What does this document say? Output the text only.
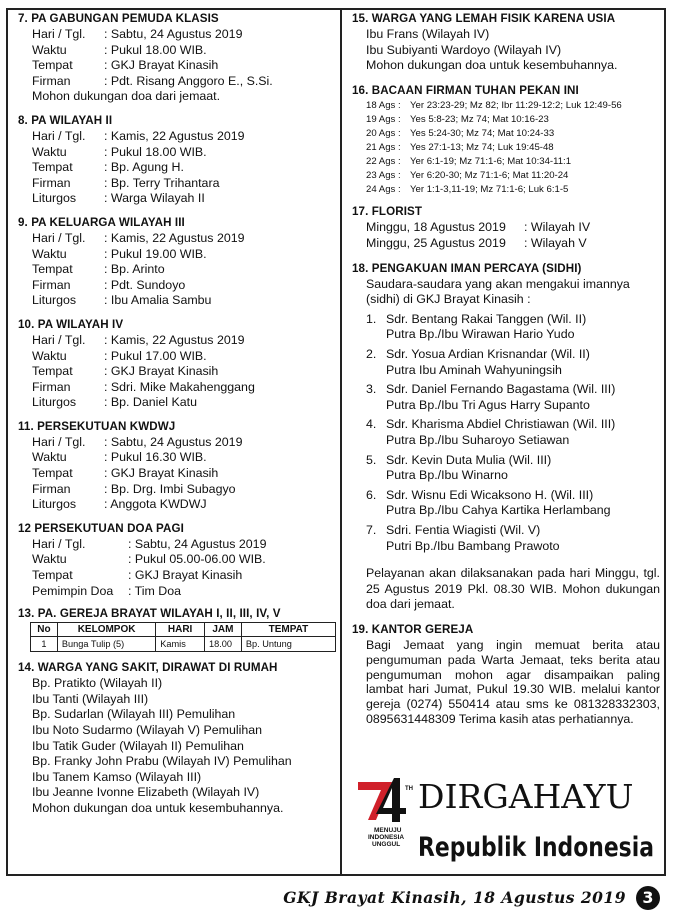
7. PA GABUNGAN PEMUDA KLASIS
Hari / Tgl.	: Sabtu, 24 Agustus 2019
Waktu	: Pukul 18.00 WIB.
Tempat	: GKJ Brayat Kinasih
Firman	: Pdt. Risang Anggoro E., S.Si.
Mohon dukungan doa dari jemaat.
8. PA WILAYAH II
Hari / Tgl.	: Kamis, 22 Agustus 2019
Waktu	: Pukul 18.00 WIB.
Tempat	: Bp. Agung H.
Firman	: Bp. Terry Trihantara
Liturgos	: Warga Wilayah II
9. PA KELUARGA WILAYAH III
Hari / Tgl.	: Kamis, 22 Agustus 2019
Waktu	: Pukul 19.00 WIB.
Tempat	: Bp. Arinto
Firman	: Pdt. Sundoyo
Liturgos	: Ibu Amalia Sambu
10. PA WILAYAH IV
Hari / Tgl.	: Kamis, 22 Agustus 2019
Waktu	: Pukul 17.00 WIB.
Tempat	: GKJ Brayat Kinasih
Firman	: Sdri. Mike Makahenggang
Liturgos	: Bp. Daniel Katu
11. PERSEKUTUAN KWDWJ
Hari / Tgl.	: Sabtu, 24 Agustus 2019
Waktu	: Pukul 16.30 WIB.
Tempat	: GKJ Brayat Kinasih
Firman	: Bp. Drg. Imbi Subagyo
Liturgos	: Anggota KWDWJ
12 PERSEKUTUAN DOA PAGI
Hari / Tgl.	: Sabtu, 24 Agustus 2019
Waktu	: Pukul 05.00-06.00 WIB.
Tempat	: GKJ Brayat Kinasih
Pemimpin Doa	: Tim Doa
13. PA. GEREJA BRAYAT WILAYAH I, II, III, IV, V
No	KELOMPOK	HARI	JAM	TEMPAT
1	Bunga Tulip (5)	Kamis	18.00	Bp. Untung
14. WARGA YANG SAKIT, DIRAWAT DI RUMAH
Bp. Pratikto (Wilayah II)
Ibu Tanti (Wilayah III)
Bp. Sudarlan (Wilayah III) Pemulihan
Ibu Noto Sudarmo (Wilayah V) Pemulihan
Ibu Tatik Guder (Wilayah II) Pemulihan
Bp. Franky John Prabu (Wilayah IV) Pemulihan
Ibu Tanem Kamso (Wilayah III)
Ibu Jeanne Ivonne Elizabeth (Wilayah IV)
Mohon dukungan doa untuk kesembuhannya.
15. WARGA YANG LEMAH FISIK KARENA USIA
Ibu Frans (Wilayah IV)
Ibu Subiyanti Wardoyo (Wilayah IV)
Mohon dukungan doa untuk kesembuhannya.
16. BACAAN FIRMAN TUHAN PEKAN INI
18 Ags : Yer 23:23-29; Mz 82; Ibr 11:29-12:2; Luk 12:49-56
19 Ags : Yes 5:8-23; Mz 74; Mat 10:16-23
20 Ags : Yes 5:24-30; Mz 74; Mat 10:24-33
21 Ags : Yes 27:1-13; Mz 74; Luk 19:45-48
22 Ags : Yer 6:1-19; Mz 71:1-6; Mat 10:34-11:1
23 Ags : Yer 6:20-30; Mz 71:1-6; Mat 11:20-24
24 Ags : Yer 1:1-3,11-19; Mz 71:1-6; Luk 6:1-5
17. FLORIST
Minggu, 18 Agustus 2019	: Wilayah IV
Minggu, 25 Agustus 2019	: Wilayah V
18. PENGAKUAN IMAN PERCAYA (SIDHI)
Saudara-saudara yang akan mengakui imannya (sidhi) di GKJ Brayat Kinasih :
1. Sdr. Bentang Rakai Tanggen (Wil. II)
Putra Bp./Ibu Wirawan Hario Yudo
2. Sdr. Yosua Ardian Krisnandar (Wil. II)
Putra Ibu Aminah Wahyuningsih
3. Sdr. Daniel Fernando Bagastama (Wil. III)
Putra Bp./Ibu Tri Agus Harry Supanto
4. Sdr. Kharisma Abdiel Christiawan (Wil. III)
Putra Bp./Ibu Suharoyo Setiawan
5. Sdr. Kevin Duta Mulia (Wil. III)
Putra Bp./Ibu Winarno
6. Sdr. Wisnu Edi Wicaksono H. (Wil. III)
Putra Bp./Ibu Cahya Kartika Herlambang
7. Sdri. Fentia Wiagisti (Wil. V)
Putri Bp./Ibu Bambang Prawoto
Pelayanan akan dilaksanakan pada hari Minggu, tgl. 25 Agustus 2019 Pkl. 08.30 WIB. Mohon dukungan doa dari jemaat.
19. KANTOR GEREJA
Bagi Jemaat yang ingin memuat berita atau pengumuman pada Warta Jemaat, teks berita atau pengumuman mohon agar disampaikan paling lambat hari Jumat, Pukul 19.30 WIB. melalui kantor gereja (0274) 550414 atau sms ke 081328332303, 0895631448309 Terima kasih atas perhatiannya.
TH
MENUJU
INDONESIA
UNGGUL
DIRGAHAYU
Republik Indonesia
GKJ Brayat Kinasih, 18 Agustus 2019	3
